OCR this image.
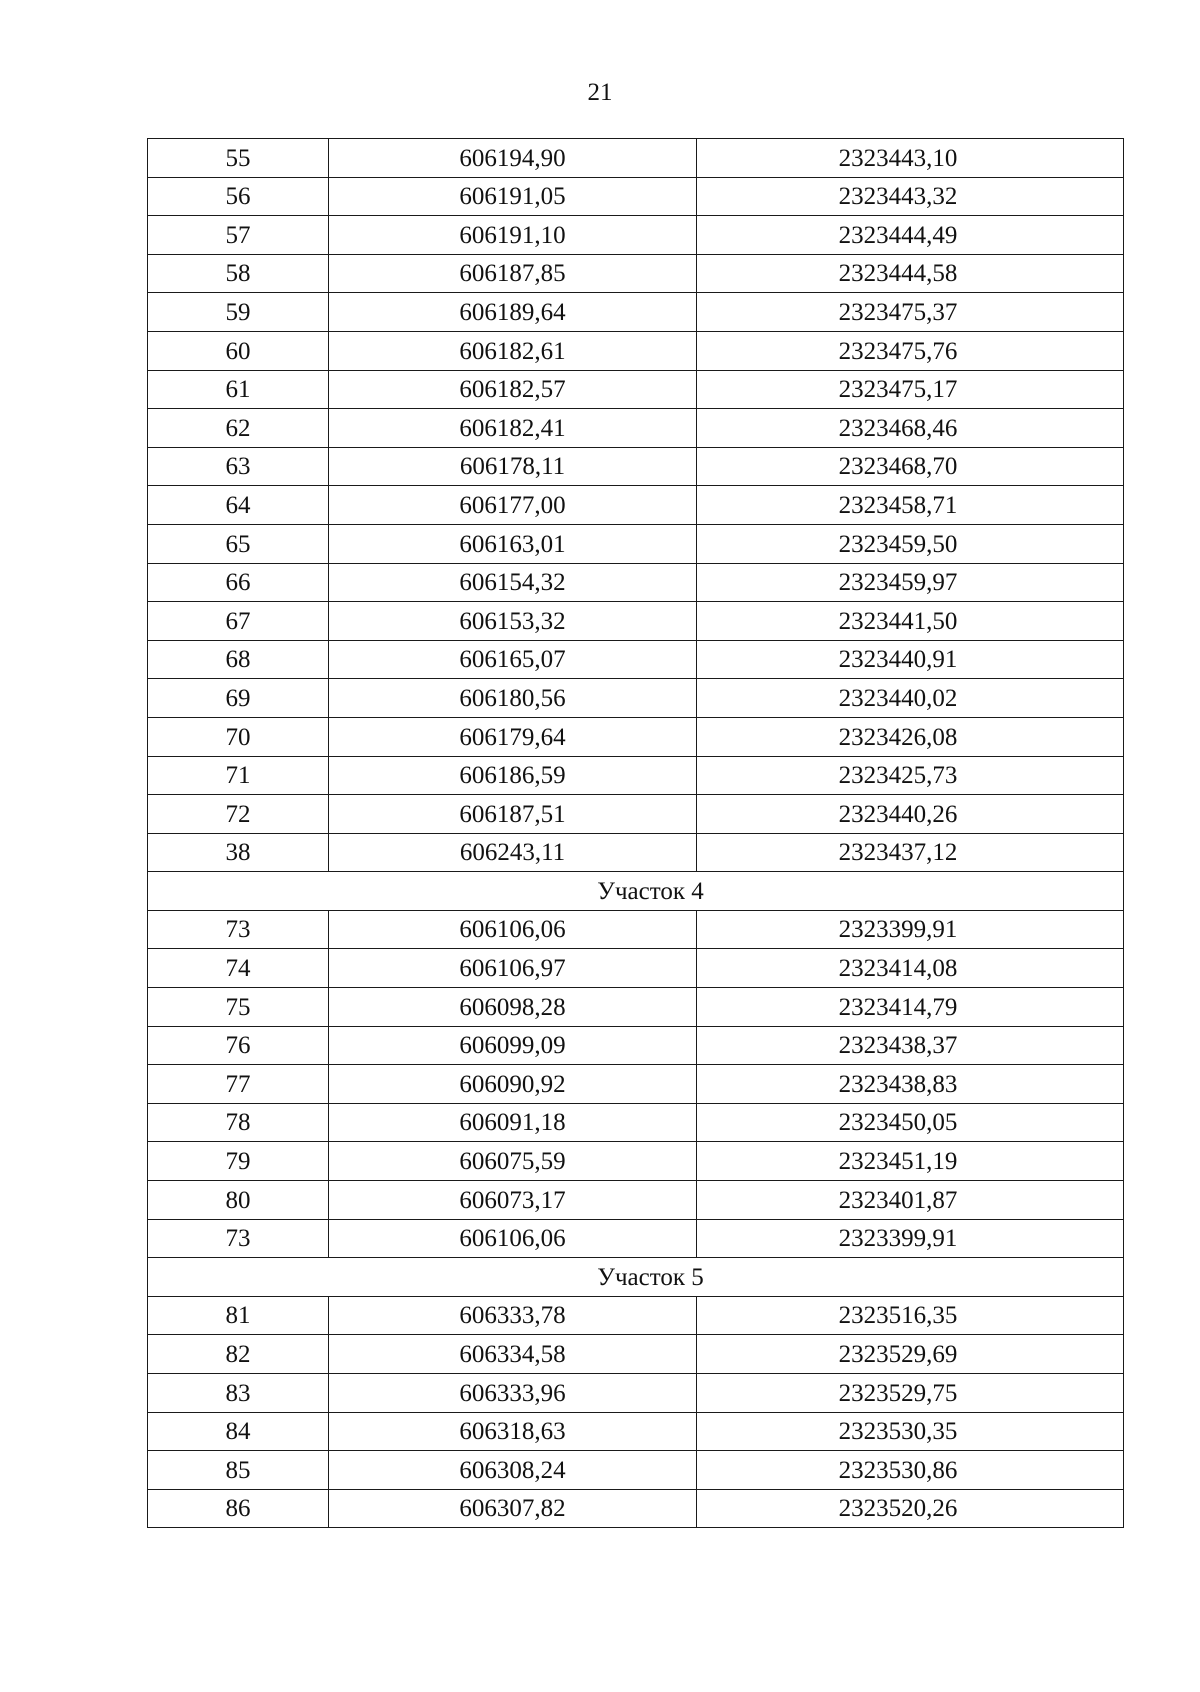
21
55	606194,90	2323443,10
56	606191,05	2323443,32
57	606191,10	2323444,49
58	606187,85	2323444,58
59	606189,64	2323475,37
60	606182,61	2323475,76
61	606182,57	2323475,17
62	606182,41	2323468,46
63	606178,11	2323468,70
64	606177,00	2323458,71
65	606163,01	2323459,50
66	606154,32	2323459,97
67	606153,32	2323441,50
68	606165,07	2323440,91
69	606180,56	2323440,02
70	606179,64	2323426,08
71	606186,59	2323425,73
72	606187,51	2323440,26
38	606243,11	2323437,12
Участок 4		
73	606106,06	2323399,91
74	606106,97	2323414,08
75	606098,28	2323414,79
76	606099,09	2323438,37
77	606090,92	2323438,83
78	606091,18	2323450,05
79	606075,59	2323451,19
80	606073,17	2323401,87
73	606106,06	2323399,91
Участок 5		
81	606333,78	2323516,35
82	606334,58	2323529,69
83	606333,96	2323529,75
84	606318,63	2323530,35
85	606308,24	2323530,86
86	606307,82	2323520,26
